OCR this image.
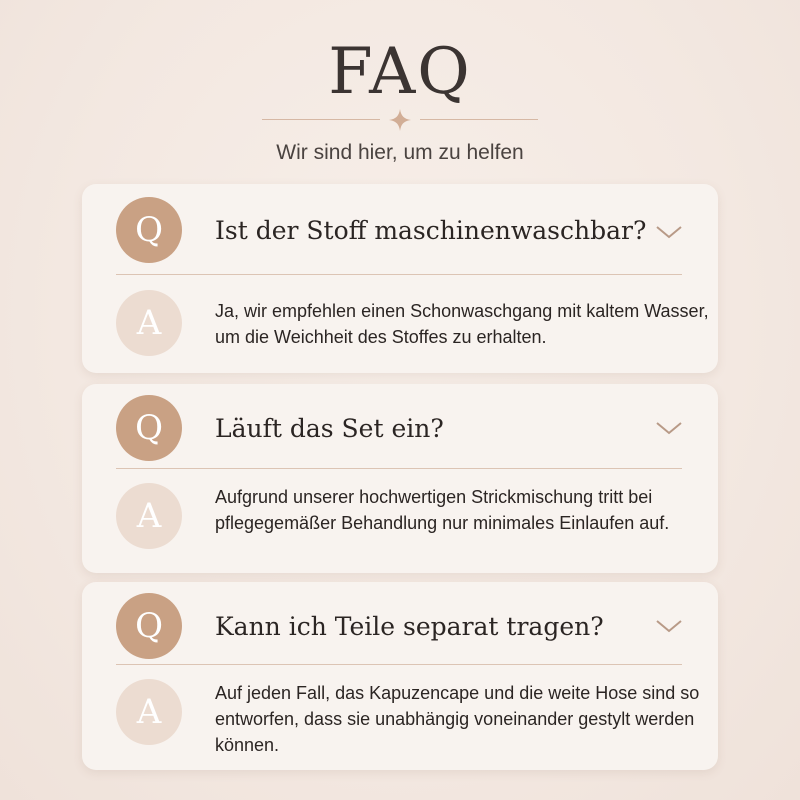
FAQ
Wir sind hier, um zu helfen
Q	Ist der Stoff maschinenwaschbar?
A	Ja, wir empfehlen einen Schonwaschgang mit kaltem Wasser, um die Weichheit des Stoffes zu erhalten.
Q	Läuft das Set ein?
A	Aufgrund unserer hochwertigen Strickmischung tritt bei pflegegemäßer Behandlung nur minimales Einlaufen auf.
Q	Kann ich Teile separat tragen?
A	Auf jeden Fall, das Kapuzencape und die weite Hose sind so entworfen, dass sie unabhängig voneinander gestylt werden können.
